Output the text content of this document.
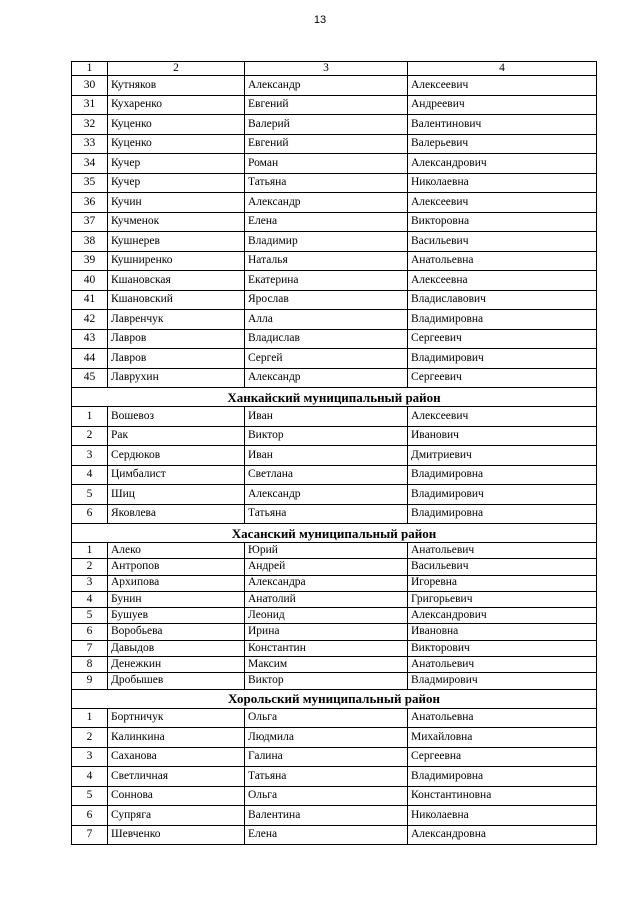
13
1	2	3	4
30	Кутняков	Александр	Алексеевич
31	Кухаренко	Евгений	Андреевич
32	Куценко	Валерий	Валентинович
33	Куценко	Евгений	Валерьевич
34	Кучер	Роман	Александрович
35	Кучер	Татьяна	Николаевна
36	Кучин	Александр	Алексеевич
37	Кучменок	Елена	Викторовна
38	Кушнерев	Владимир	Васильевич
39	Кушниренко	Наталья	Анатольевна
40	Кшановская	Екатерина	Алексеевна
41	Кшановский	Ярослав	Владиславович
42	Лавренчук	Алла	Владимировна
43	Лавров	Владислав	Сергеевич
44	Лавров	Сергей	Владимирович
45	Лаврухин	Александр	Сергеевич
Ханкайский муниципальный район			
1	Вошевоз	Иван	Алексеевич
2	Рак	Виктор	Иванович
3	Сердюков	Иван	Дмитриевич
4	Цимбалист	Светлана	Владимировна
5	Шиц	Александр	Владимирович
6	Яковлева	Татьяна	Владимировна
Хасанский муниципальный район			
1	Алеко	Юрий	Анатольевич
2	Антропов	Андрей	Васильевич
3	Архипова	Александра	Игоревна
4	Бунин	Анатолий	Григорьевич
5	Бушуев	Леонид	Александрович
6	Воробьева	Ирина	Ивановна
7	Давыдов	Константин	Викторович
8	Денежкин	Максим	Анатольевич
9	Дробышев	Виктор	Владмирович
Хорольский муниципальный район			
1	Бортничук	Ольга	Анатольевна
2	Калинкина	Людмила	Михайловна
3	Саханова	Галина	Сергеевна
4	Светличная	Татьяна	Владимировна
5	Соннова	Ольга	Константиновна
6	Супряга	Валентина	Николаевна
7	Шевченко	Елена	Александровна
